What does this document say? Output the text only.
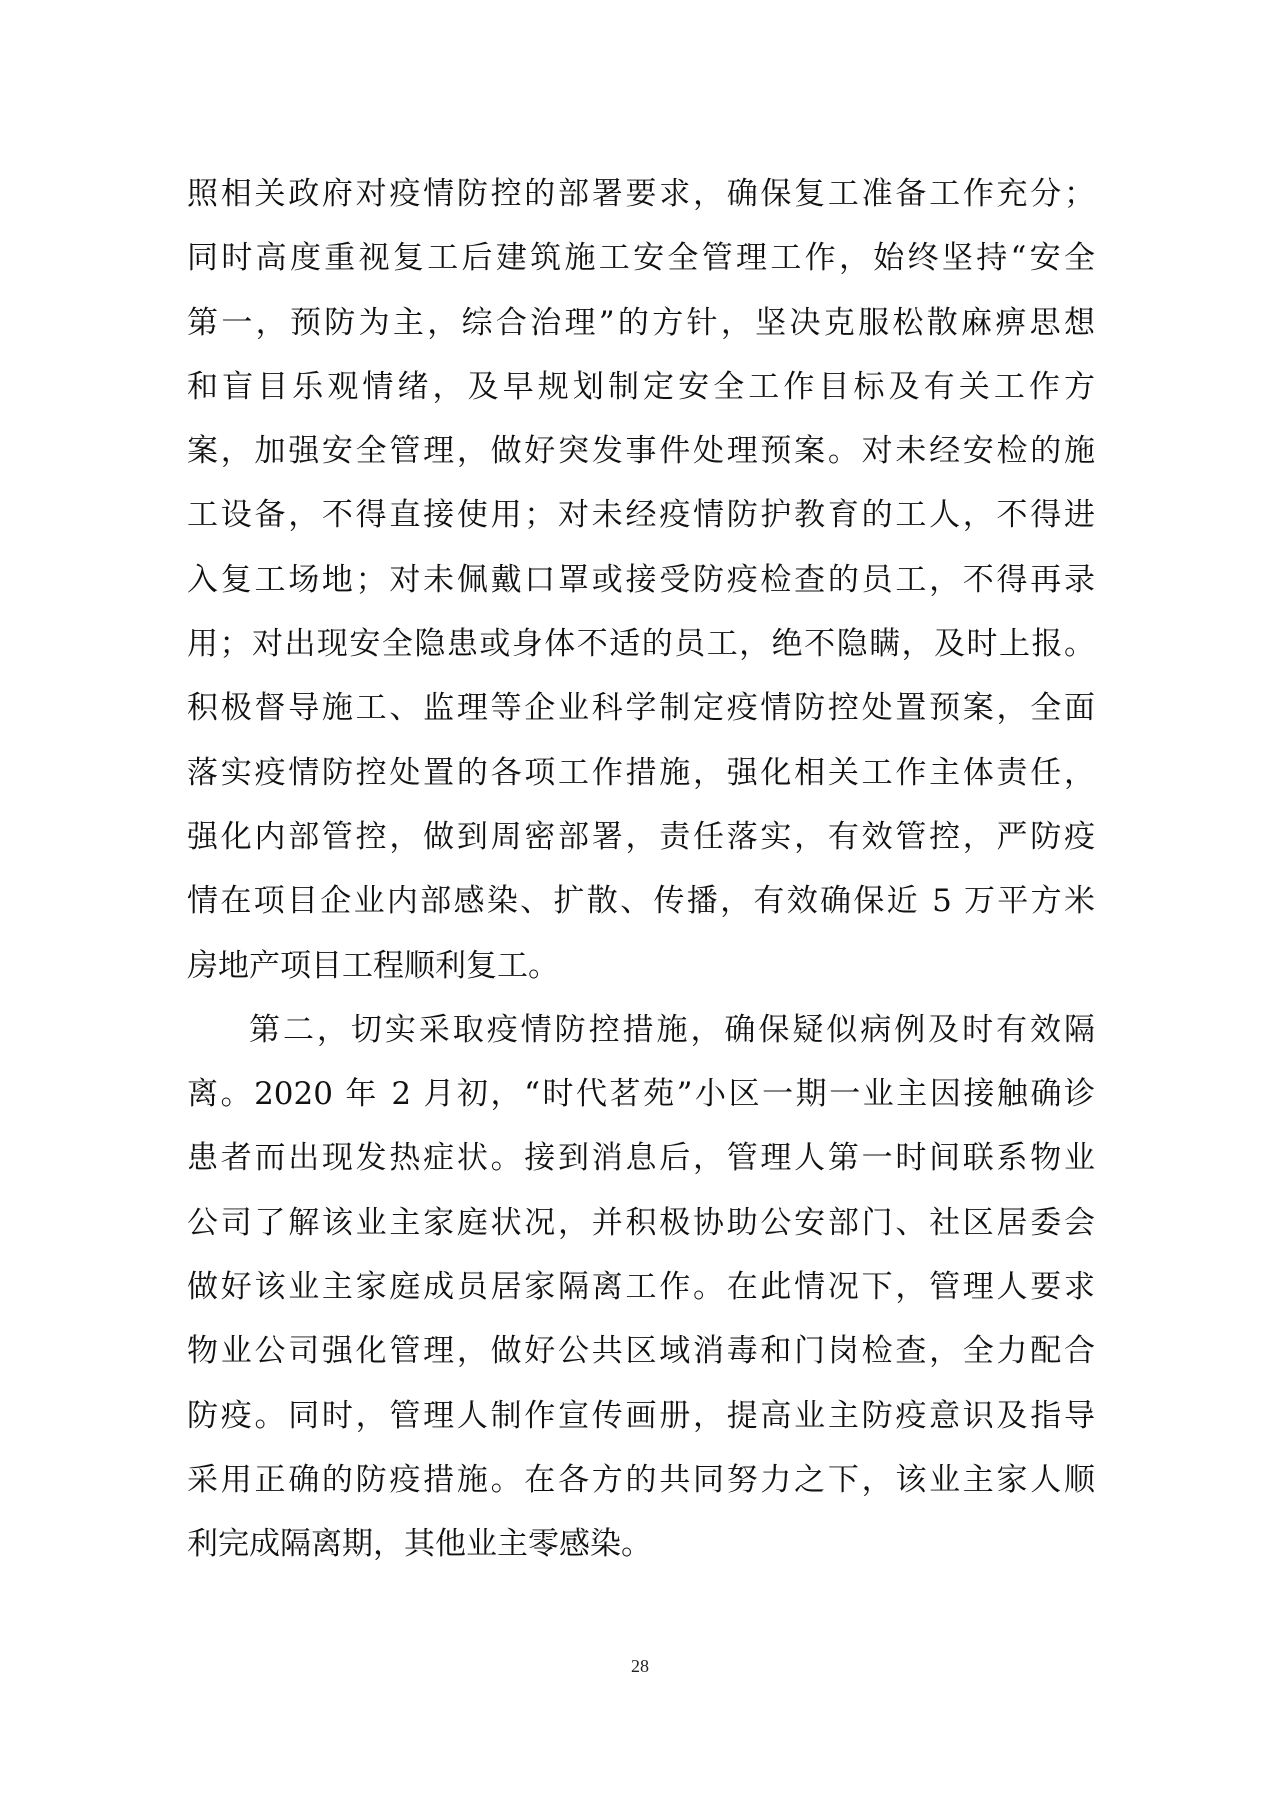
照相关政府对疫情防控的部署要求，确保复工准备工作充分；
同时高度重视复工后建筑施工安全管理工作，始终坚持“安全
第一，预防为主，综合治理”的方针，坚决克服松散麻痹思想
和盲目乐观情绪，及早规划制定安全工作目标及有关工作方
案，加强安全管理，做好突发事件处理预案。对未经安检的施
工设备，不得直接使用；对未经疫情防护教育的工人，不得进
入复工场地；对未佩戴口罩或接受防疫检查的员工，不得再录
用；对出现安全隐患或身体不适的员工，绝不隐瞒，及时上报。
积极督导施工、监理等企业科学制定疫情防控处置预案，全面
落实疫情防控处置的各项工作措施，强化相关工作主体责任，
强化内部管控，做到周密部署，责任落实，有效管控，严防疫
情在项目企业内部感染、扩散、传播，有效确保近 5 万平方米
房地产项目工程顺利复工。
第二，切实采取疫情防控措施，确保疑似病例及时有效隔
离。2020 年 2 月初，“时代茗苑”小区一期一业主因接触确诊
患者而出现发热症状。接到消息后，管理人第一时间联系物业
公司了解该业主家庭状况，并积极协助公安部门、社区居委会
做好该业主家庭成员居家隔离工作。在此情况下，管理人要求
物业公司强化管理，做好公共区域消毒和门岗检查，全力配合
防疫。同时，管理人制作宣传画册，提高业主防疫意识及指导
采用正确的防疫措施。在各方的共同努力之下，该业主家人顺
利完成隔离期，其他业主零感染。
28
